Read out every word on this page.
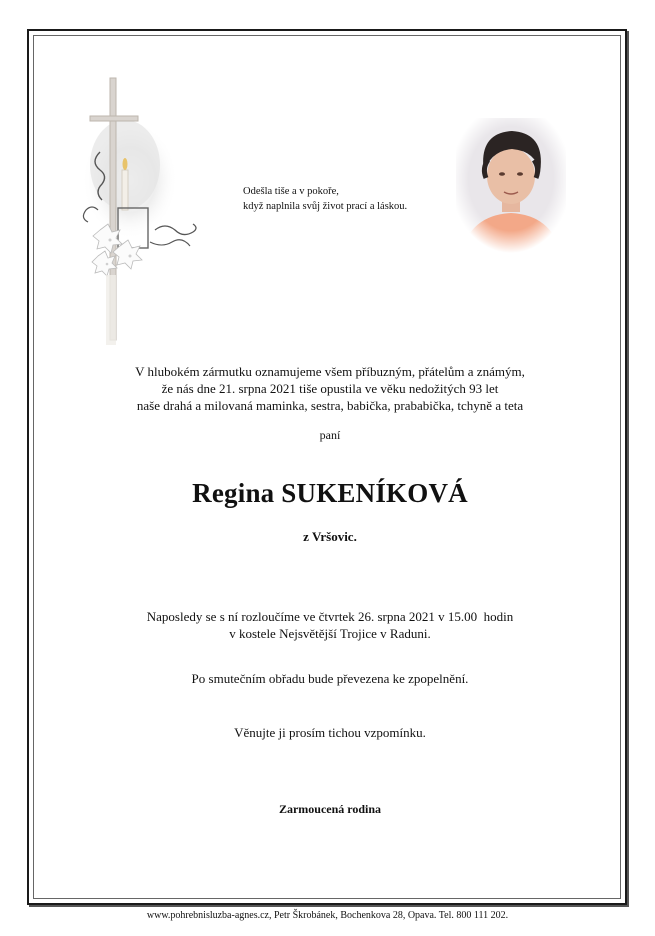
Odešla tiše a v pokoře,
když naplnila svůj život prací a láskou.
V hlubokém zármutku oznamujeme všem příbuzným, přátelům a známým,
že nás dne 21. srpna 2021 tiše opustila ve věku nedožitých 93 let
naše drahá a milovaná maminka, sestra, babička, prababička, tchyně a teta
paní
Regina SUKENÍKOVÁ
z Vršovic.
Naposledy se s ní rozloučíme ve čtvrtek 26. srpna 2021 v 15.00  hodin
v kostele Nejsvětější Trojice v Raduni.
Po smutečním obřadu bude převezena ke zpopelnění.
Věnujte ji prosím tichou vzpomínku.
Zarmoucená rodina
www.pohrebnisluzba-agnes.cz, Petr Škrobánek, Bochenkova 28, Opava. Tel. 800 111 202.
